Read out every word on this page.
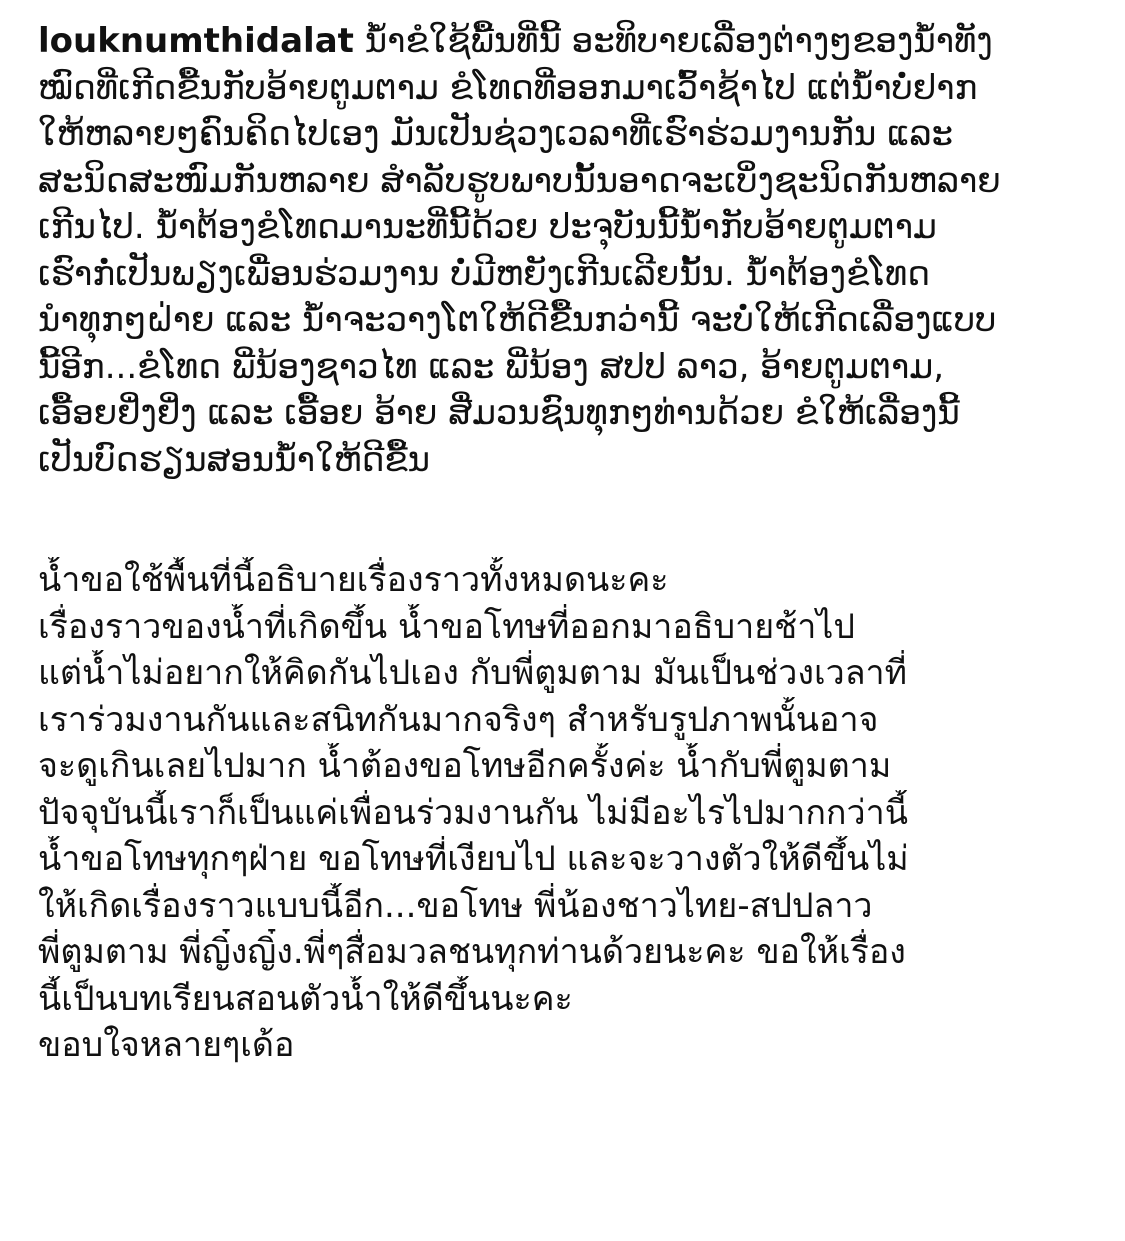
louknumthidalat ນ້ຳຂໍໃຊ້ພື້ນທີ່ນີ້ ອະທິບາຍເລື່ອງຕ່າງໆຂອງນ້ຳທັງ
ໝົດທີ່ເກີດຂື້ນກັບອ້າຍຕູມຕາມ ຂໍໂທດທີ່ອອກມາເວົ້າຊ້າໄປ ແຕ່ນ້ຳບໍ່ຢາກ
ໃຫ້ຫລາຍໆຄົນຄິດໄປເອງ ມັນເປັນຊ່ວງເວລາທີ່ເຮົາຮ່ວມງານກັນ ແລະ
ສະນິດສະໜົມກັນຫລາຍ ສຳລັບຮູບພາບນັ້ນອາດຈະເບິ່ງຊະນິດກັນຫລາຍ
ເກີນໄປ. ນ້ຳຕ້ອງຂໍໂທດມານະທີ່ນີ້ດ້ວຍ ປະຈຸບັນນີ້ນ້ຳກັບອ້າຍຕູມຕາມ
ເຮົາກໍ່ເປັນພຽງເພື່ອນຮ່ວມງານ ບໍ່ມີຫຍັງເກີນເລີຍນັ້ນ. ນ້ຳຕ້ອງຂໍໂທດ
ນຳທຸກໆຝ່າຍ ແລະ ນ້ຳຈະວາງໂຕໃຫ້ດີຂື້ນກວ່ານີ້ ຈະບໍ່ໃຫ້ເກີດເລື່ອງແບບ
ນີ້ອີກ...ຂໍໂທດ ພີ່ນ້ອງຊາວໄທ ແລະ ພີ່ນ້ອງ ສປປ ລາວ, ອ້າຍຕູມຕາມ,
ເອື້ອຍຢິ່ງຢິ່ງ ແລະ ເອື້ອຍ ອ້າຍ ສື່ມວນຊົນທຸກໆທ່ານດ້ວຍ ຂໍໃຫ້ເລື່ອງນີ້
ເປັນບົດຮຽນສອນນ້ຳໃຫ້ດີຂື້ນ
น้ำขอใช้พื้นที่นี้อธิบายเรื่องราวทั้งหมดนะคะ
เรื่องราวของน้ำที่เกิดขึ้น น้ำขอโทษที่ออกมาอธิบายช้าไป
แต่น้ำไม่อยากให้คิดกันไปเอง กับพี่ตูมตาม มันเป็นช่วงเวลาที่
เราร่วมงานกันและสนิทกันมากจริงๆ สำหรับรูปภาพนั้นอาจ
จะดูเกินเลยไปมาก น้ำต้องขอโทษอีกครั้งค่ะ น้ำกับพี่ตูมตาม
ปัจจุบันนี้เราก็เป็นแค่เพื่อนร่วมงานกัน ไม่มีอะไรไปมากกว่านี้
น้ำขอโทษทุกๆฝ่าย ขอโทษที่เงียบไป และจะวางตัวให้ดีขึ้นไม่
ให้เกิดเรื่องราวแบบนี้อีก...ขอโทษ พี่น้องชาวไทย-สปปลาว
พี่ตูมตาม พี่ญิ๋งญิ๋ง.พี่ๆสื่อมวลชนทุกท่านด้วยนะคะ ขอให้เรื่อง
นี้เป็นบทเรียนสอนตัวน้ำให้ดีขึ้นนะคะ
ขอบใจหลายๆเด้อ
